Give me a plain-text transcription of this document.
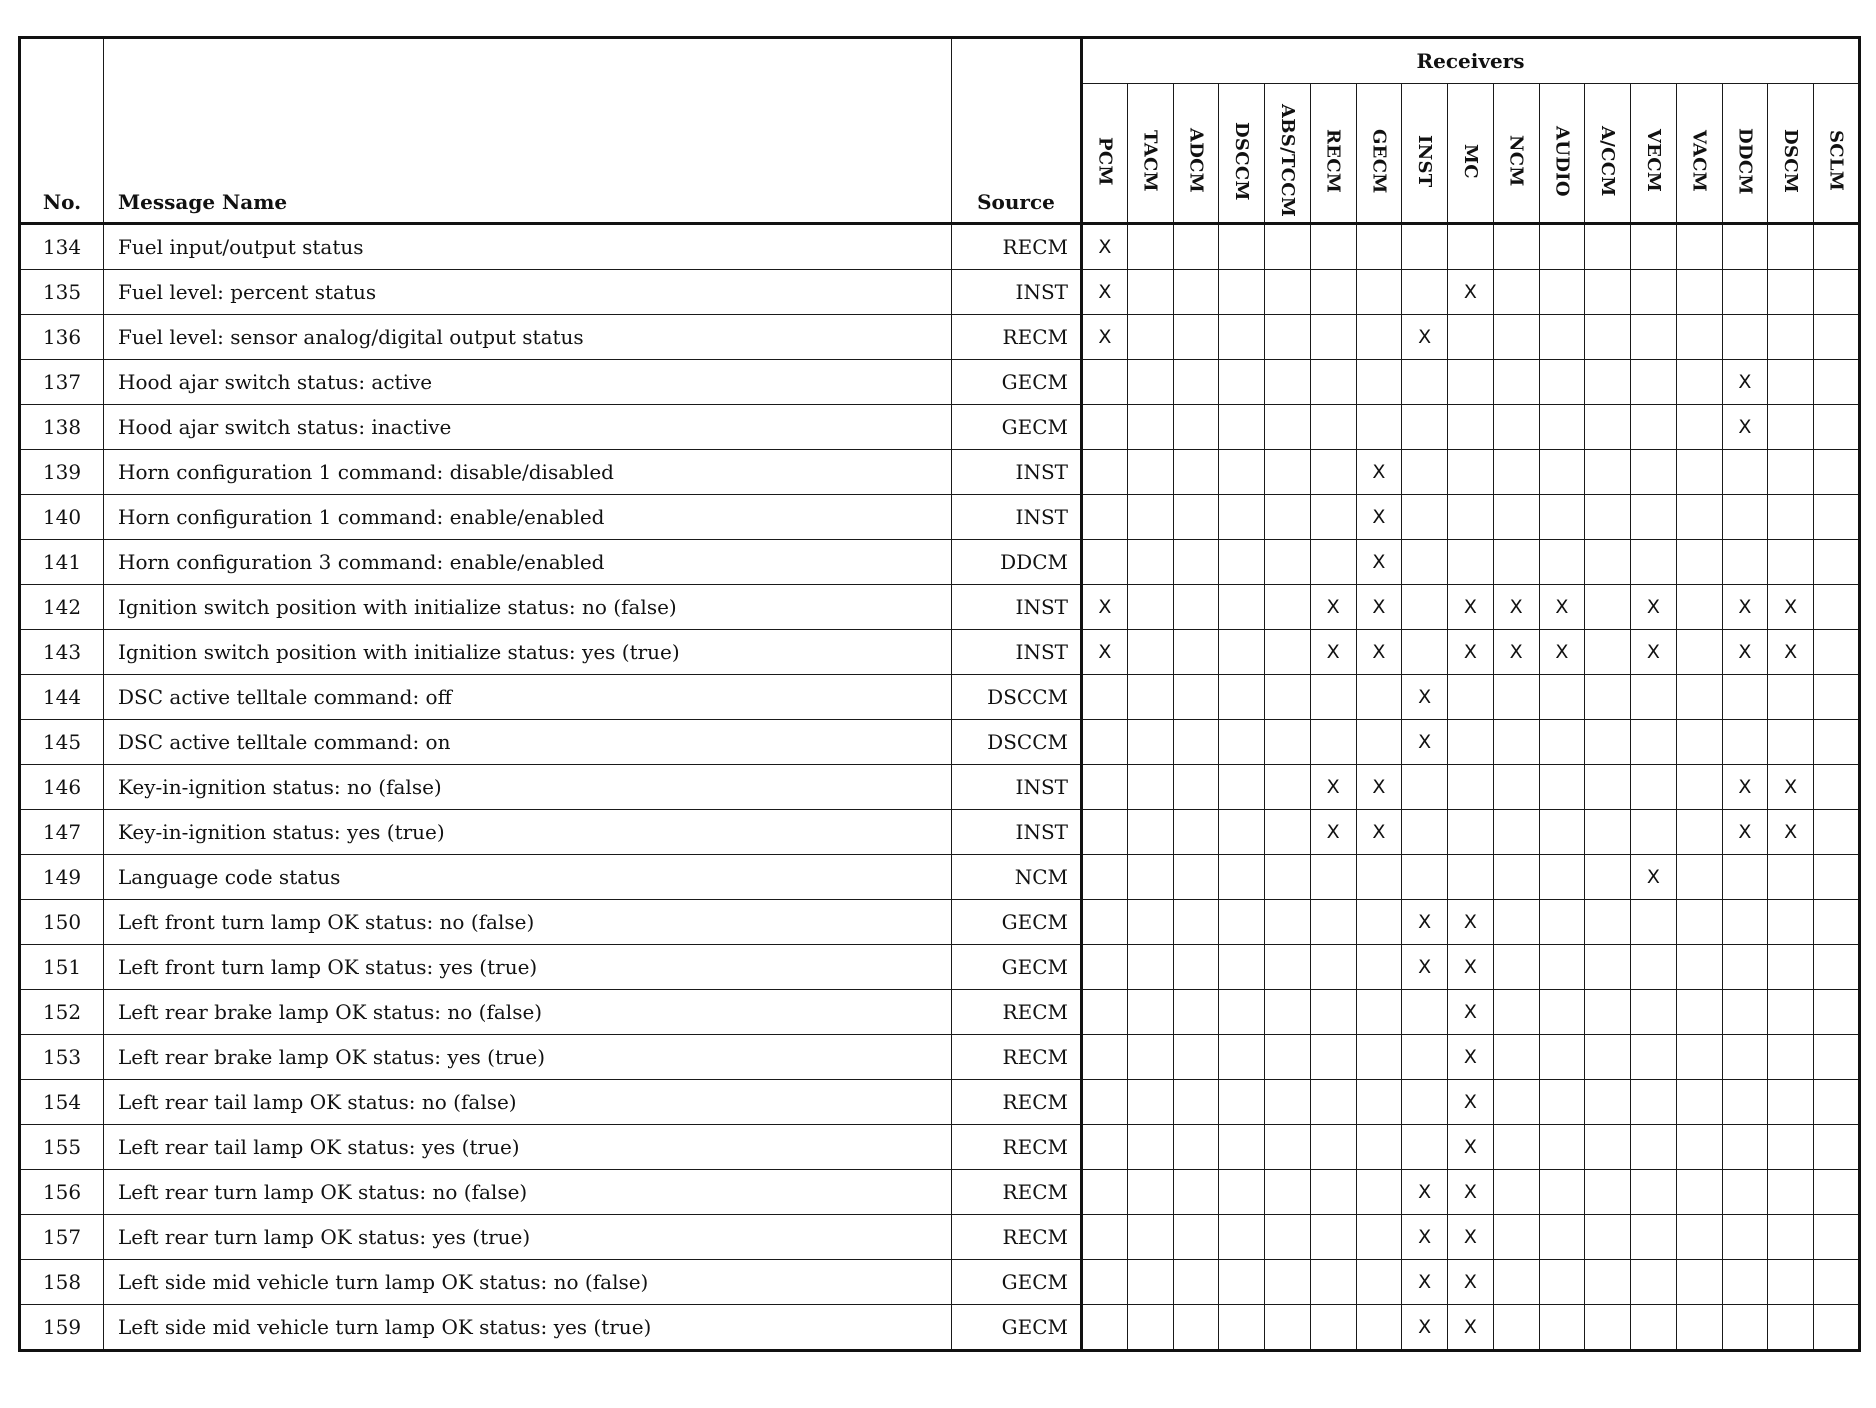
No.	Message Name	Source	Receivers																

			PCM	TACM	ADCM	DSCCM	ABS/TCCM	RECM	GECM	INST	MC	NCM	AUDIO	A/CCM	VECM	VACM	DDCM	DSCM	SCLM

134	Fuel input/output status	RECM	X																
135	Fuel level: percent status	INST	X								X								
136	Fuel level: sensor analog/digital output status	RECM	X							X									
137	Hood ajar switch status: active	GECM															X		
138	Hood ajar switch status: inactive	GECM															X		
139	Horn configuration 1 command: disable/disabled	INST							X										
140	Horn configuration 1 command: enable/enabled	INST							X										
141	Horn configuration 3 command: enable/enabled	DDCM							X										
142	Ignition switch position with initialize status: no (false)	INST	X					X	X		X	X	X		X		X	X	
143	Ignition switch position with initialize status: yes (true)	INST	X					X	X		X	X	X		X		X	X	
144	DSC active telltale command: off	DSCCM								X									
145	DSC active telltale command: on	DSCCM								X									
146	Key-in-ignition status: no (false)	INST						X	X								X	X	
147	Key-in-ignition status: yes (true)	INST						X	X								X	X	
149	Language code status	NCM													X				
150	Left front turn lamp OK status: no (false)	GECM								X	X								
151	Left front turn lamp OK status: yes (true)	GECM								X	X								
152	Left rear brake lamp OK status: no (false)	RECM									X								
153	Left rear brake lamp OK status: yes (true)	RECM									X								
154	Left rear tail lamp OK status: no (false)	RECM									X								
155	Left rear tail lamp OK status: yes (true)	RECM									X								
156	Left rear turn lamp OK status: no (false)	RECM								X	X								
157	Left rear turn lamp OK status: yes (true)	RECM								X	X								
158	Left side mid vehicle turn lamp OK status: no (false)	GECM								X	X								
159	Left side mid vehicle turn lamp OK status: yes (true)	GECM								X	X								
